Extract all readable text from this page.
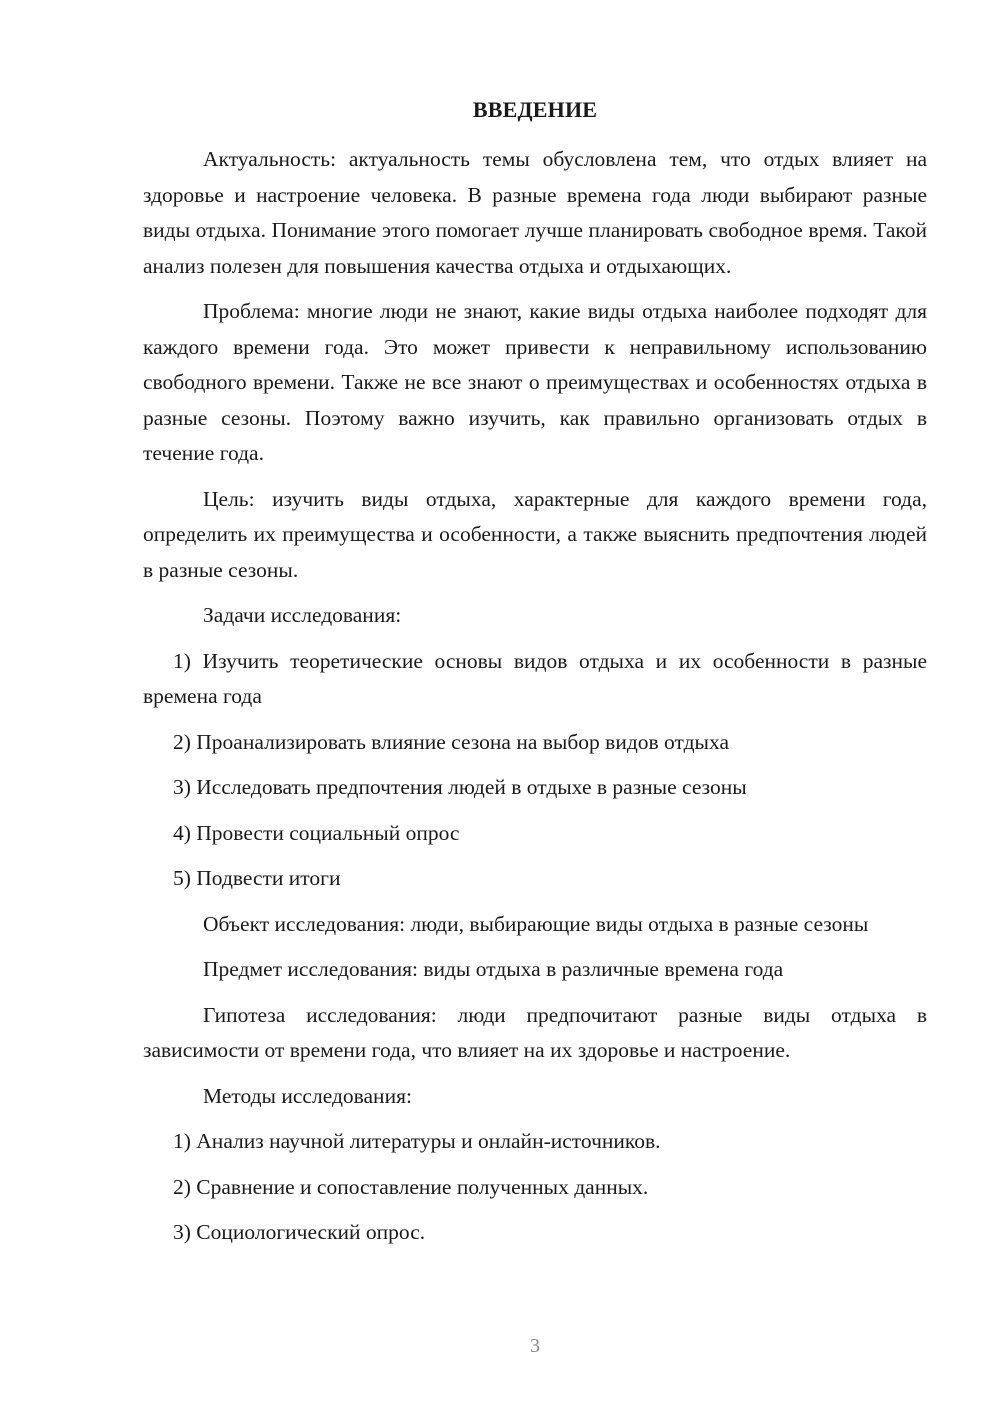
ВВЕДЕНИЕ

Актуальность: актуальность темы обусловлена тем, что отдых влияет на здоровье и настроение человека. В разные времена года люди выбирают разные виды отдыха. Понимание этого помогает лучше планировать свободное время. Такой анализ полезен для повышения качества отдыха и отдыхающих.

Проблема: многие люди не знают, какие виды отдыха наиболее подходят для каждого времени года. Это может привести к неправильному использованию свободного времени. Также не все знают о преимуществах и особенностях отдыха в разные сезоны. Поэтому важно изучить, как правильно организовать отдых в течение года.

Цель: изучить виды отдыха, характерные для каждого времени года, определить их преимущества и особенности, а также выяснить предпочтения людей в разные сезоны.

Задачи исследования:

1) Изучить теоретические основы видов отдыха и их особенности в разные времена года

2) Проанализировать влияние сезона на выбор видов отдыха

3) Исследовать предпочтения людей в отдыхе в разные сезоны

4) Провести социальный опрос

5) Подвести итоги

Объект исследования: люди, выбирающие виды отдыха в разные сезоны

Предмет исследования: виды отдыха в различные времена года

Гипотеза исследования: люди предпочитают разные виды отдыха в зависимости от времени года, что влияет на их здоровье и настроение.

Методы исследования:

1) Анализ научной литературы и онлайн-источников.

2) Сравнение и сопоставление полученных данных.

3) Социологический опрос.

3
